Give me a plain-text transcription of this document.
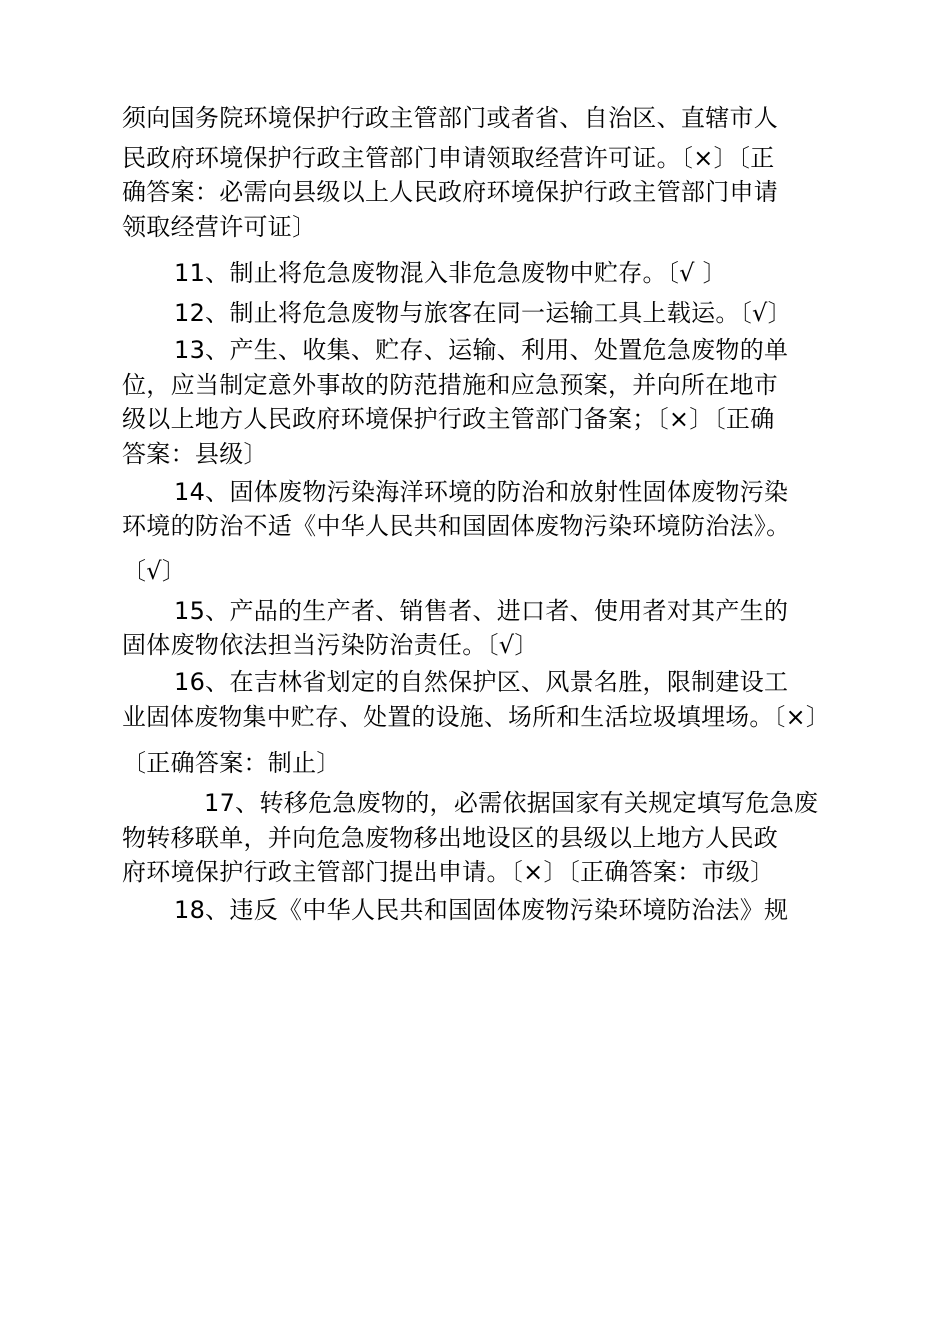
须向国务院环境保护行政主管部门或者省、自治区、直辖市人
民政府环境保护行政主管部门申请领取经营许可证。〔×〕〔正
确答案：必需向县级以上人民政府环境保护行政主管部门申请
领取经营许可证〕
11、制止将危急废物混入非危急废物中贮存。〔√ 〕
12、制止将危急废物与旅客在同一运输工具上载运。〔√〕
13、产生、收集、贮存、运输、利用、处置危急废物的单
位，应当制定意外事故的防范措施和应急预案，并向所在地市
级以上地方人民政府环境保护行政主管部门备案；〔×〕〔正确
答案：县级〕
14、固体废物污染海洋环境的防治和放射性固体废物污染
环境的防治不适《中华人民共和国固体废物污染环境防治法》。
〔√〕
15、产品的生产者、销售者、进口者、使用者对其产生的
固体废物依法担当污染防治责任。〔√〕
16、在吉林省划定的自然保护区、风景名胜，限制建设工
业固体废物集中贮存、处置的设施、场所和生活垃圾填埋场。〔×〕
〔正确答案：制止〕
17、转移危急废物的，必需依据国家有关规定填写危急废
物转移联单，并向危急废物移出地设区的县级以上地方人民政
府环境保护行政主管部门提出申请。〔×〕〔正确答案：市级〕
18、违反《中华人民共和国固体废物污染环境防治法》规
